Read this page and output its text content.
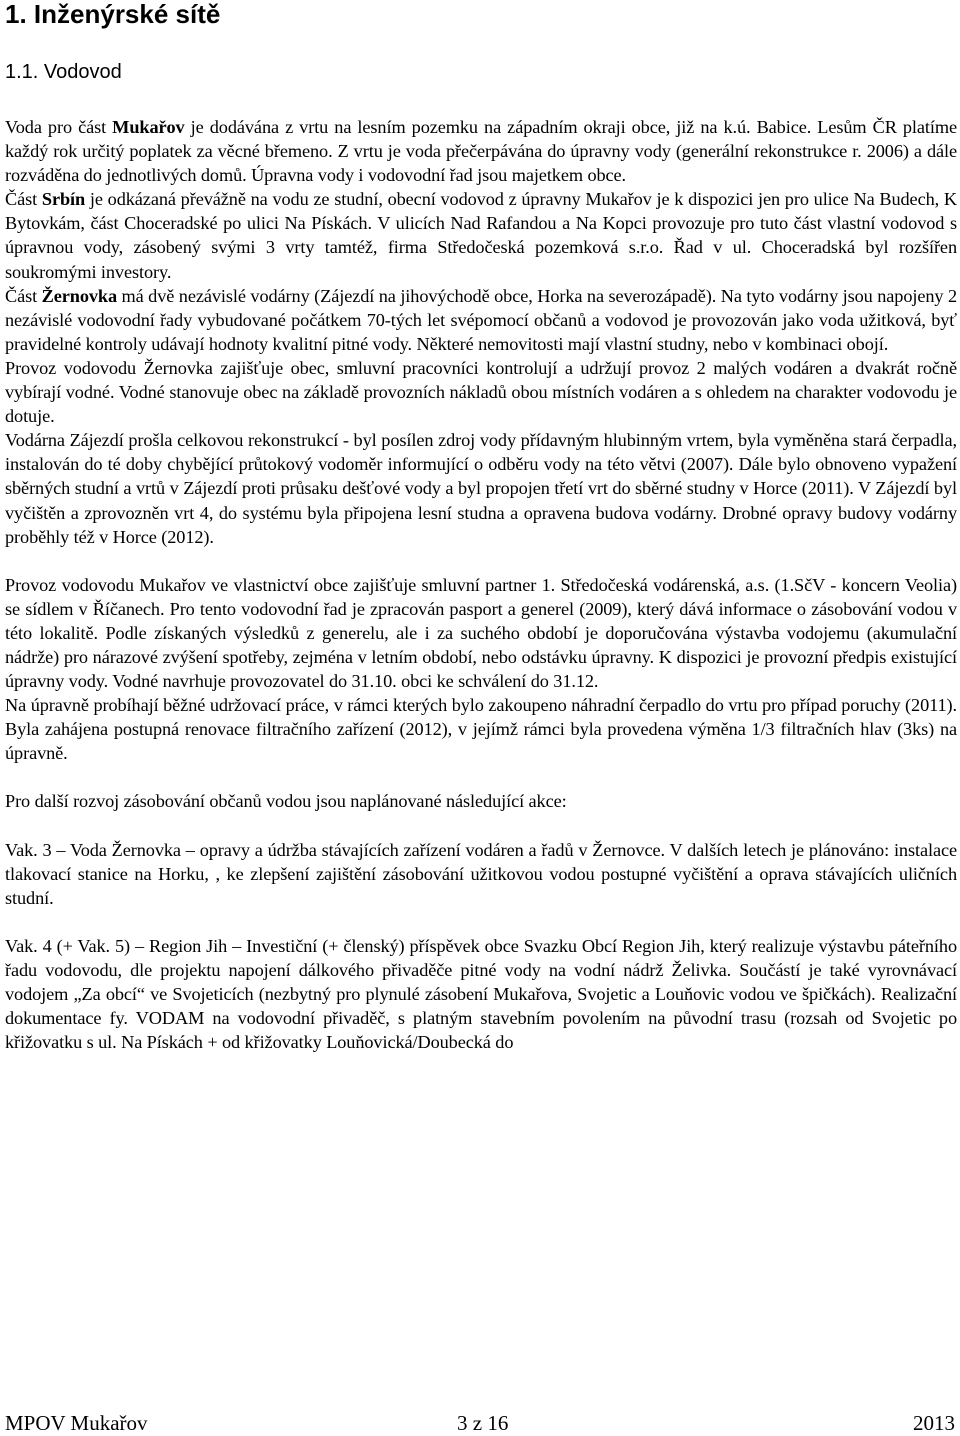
1. Inženýrské sítě
1.1. Vodovod

Voda pro část Mukařov je dodávána z vrtu na lesním pozemku na západním okraji obce, již na k.ú. Babice. Lesům ČR platíme každý rok určitý poplatek za věcné břemeno. Z vrtu je voda přečerpávána do úpravny vody (generální rekonstrukce r. 2006) a dále rozváděna do jednotlivých domů. Úpravna vody i vodovodní řad jsou majetkem obce.

Část Srbín je odkázaná převážně na vodu ze studní, obecní vodovod z úpravny Mukařov je k dispozici jen pro ulice Na Budech, K Bytovkám, část Choceradské po ulici Na Pískách. V ulicích Nad Rafandou a Na Kopci provozuje pro tuto část vlastní vodovod s úpravnou vody, zásobený svými 3 vrty tamtéž, firma Středočeská pozemková s.r.o. Řad v ul. Choceradská byl rozšířen soukromými investory.

Část Žernovka má dvě nezávislé vodárny (Zájezdí na jihovýchodě obce, Horka na severozápadě). Na tyto vodárny jsou napojeny 2 nezávislé vodovodní řady vybudované počátkem 70-tých let svépomocí občanů a vodovod je provozován jako voda užitková, byť pravidelné kontroly udávají hodnoty kvalitní pitné vody. Některé nemovitosti mají vlastní studny, nebo v kombinaci obojí.

Provoz vodovodu Žernovka zajišťuje obec, smluvní pracovníci kontrolují a udržují provoz 2 malých vodáren a dvakrát ročně vybírají vodné. Vodné stanovuje obec na základě provozních nákladů obou místních vodáren a s ohledem na charakter vodovodu je dotuje.

Vodárna Zájezdí prošla celkovou rekonstrukcí - byl posílen zdroj vody přídavným hlubinným vrtem, byla vyměněna stará čerpadla, instalován do té doby chybějící průtokový vodoměr informující o odběru vody na této větvi (2007). Dále bylo obnoveno vypažení sběrných studní a vrtů v Zájezdí proti průsaku dešťové vody a byl propojen třetí vrt do sběrné studny v Horce (2011). V Zájezdí byl vyčištěn a zprovozněn vrt 4, do systému byla připojena lesní studna a opravena budova vodárny. Drobné opravy budovy vodárny proběhly též v Horce (2012).

Provoz vodovodu Mukařov ve vlastnictví obce zajišťuje smluvní partner 1. Středočeská vodárenská, a.s. (1.SčV - koncern Veolia) se sídlem v Říčanech. Pro tento vodovodní řad je zpracován pasport a generel (2009), který dává informace o zásobování vodou v této lokalitě. Podle získaných výsledků z generelu, ale i za suchého období je doporučována výstavba vodojemu (akumulační nádrže) pro nárazové zvýšení spotřeby, zejména v letním období, nebo odstávku úpravny. K dispozici je provozní předpis existující úpravny vody. Vodné navrhuje provozovatel do 31.10. obci ke schválení do 31.12.

Na úpravně probíhají běžné udržovací práce, v rámci kterých bylo zakoupeno náhradní čerpadlo do vrtu pro případ poruchy (2011). Byla zahájena postupná renovace filtračního zařízení (2012), v jejímž rámci byla provedena výměna 1/3 filtračních hlav (3ks) na úpravně.

Pro další rozvoj zásobování občanů vodou jsou naplánované následující akce:

Vak. 3 – Voda Žernovka – opravy a údržba stávajících zařízení vodáren a řadů v Žernovce. V dalších letech je plánováno: instalace tlakovací stanice na Horku, , ke zlepšení zajištění zásobování užitkovou vodou postupné vyčištění a oprava stávajících uličních studní.

Vak. 4 (+ Vak. 5) – Region Jih – Investiční (+ členský) příspěvek obce Svazku Obcí Region Jih, který realizuje výstavbu páteřního řadu vodovodu, dle projektu napojení dálkového přivaděče pitné vody na vodní nádrž Želivka. Součástí je také vyrovnávací vodojem „Za obcí“ ve Svojeticích (nezbytný pro plynulé zásobení Mukařova, Svojetic a Louňovic vodou ve špičkách). Realizační dokumentace fy. VODAM na vodovodní přivaděč, s platným stavebním povolením na původní trasu (rozsah od Svojetic po křižovatku s ul. Na Pískách + od křižovatky Louňovická/Doubecká do

MPOV Mukařov	3 z 16	2013
